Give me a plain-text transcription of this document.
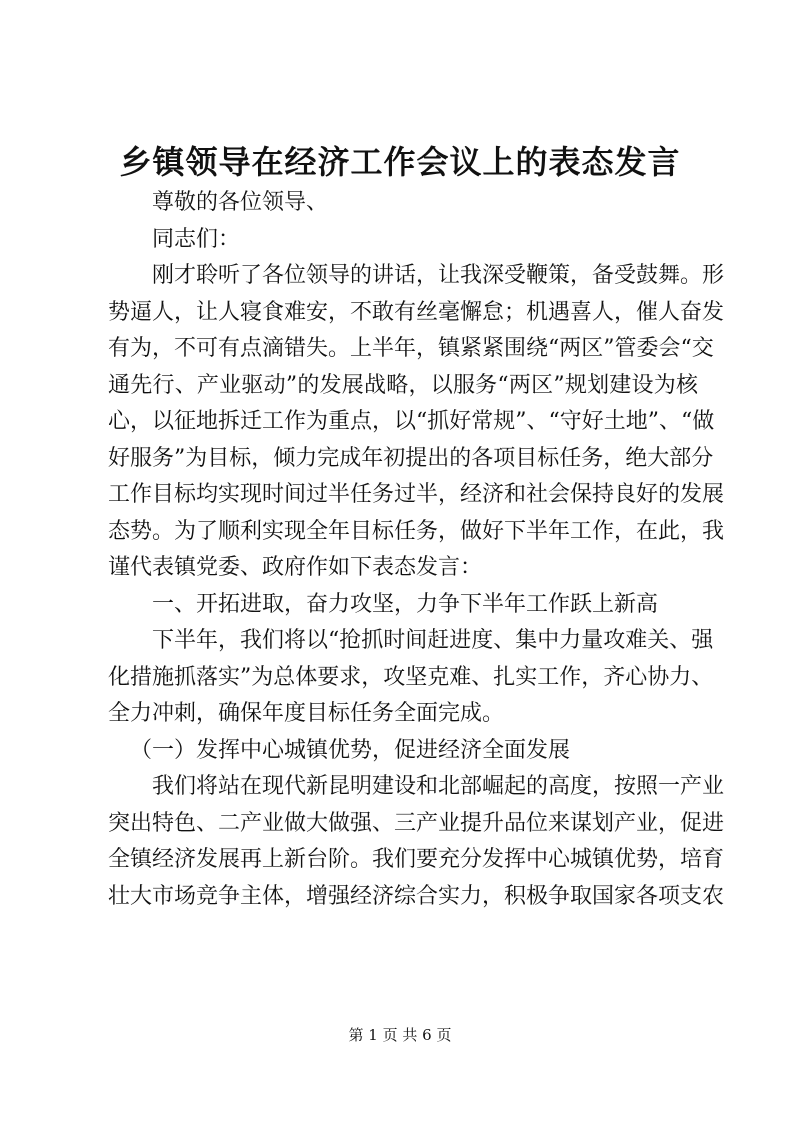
乡镇领导在经济工作会议上的表态发言
尊敬的各位领导、
同志们：
刚才聆听了各位领导的讲话，让我深受鞭策，备受鼓舞。形
势逼人，让人寝食难安，不敢有丝毫懈怠；机遇喜人，催人奋发
有为，不可有点滴错失。上半年，镇紧紧围绕“两区”管委会“交
通先行、产业驱动”的发展战略，以服务“两区”规划建设为核
心，以征地拆迁工作为重点，以“抓好常规”、“守好土地”、“做
好服务”为目标，倾力完成年初提出的各项目标任务，绝大部分
工作目标均实现时间过半任务过半，经济和社会保持良好的发展
态势。为了顺利实现全年目标任务，做好下半年工作，在此，我
谨代表镇党委、政府作如下表态发言：
一、开拓进取，奋力攻坚，力争下半年工作跃上新高
下半年，我们将以“抢抓时间赶进度、集中力量攻难关、强
化措施抓落实”为总体要求，攻坚克难、扎实工作，齐心协力、
全力冲刺，确保年度目标任务全面完成。
（一）发挥中心城镇优势，促进经济全面发展
我们将站在现代新昆明建设和北部崛起的高度，按照一产业
突出特色、二产业做大做强、三产业提升品位来谋划产业，促进
全镇经济发展再上新台阶。我们要充分发挥中心城镇优势，培育
壮大市场竞争主体，增强经济综合实力，积极争取国家各项支农
第 1 页 共 6 页
